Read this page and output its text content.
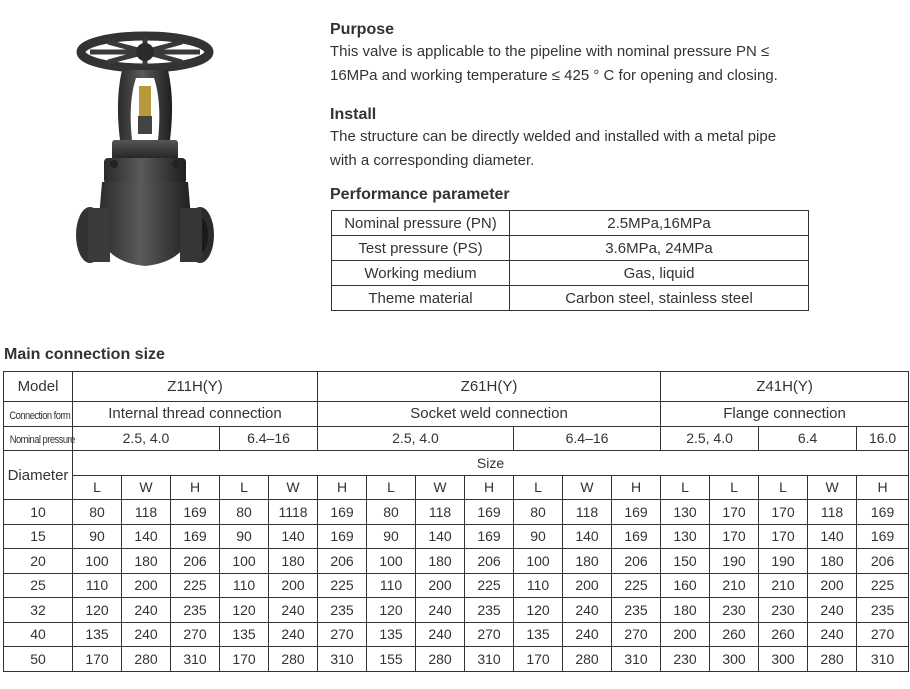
Purpose

This valve is applicable to the pipeline with nominal pressure PN ≤

16MPa and working temperature ≤ 425 ° C for opening and closing.

Install

The structure can be directly welded and installed with a metal pipe

with a corresponding diameter.

Performance parameter

Nominal pressure (PN)	2.5MPa,16MPa
Test pressure (PS)	3.6MPa, 24MPa
Working medium	Gas, liquid
Theme material	Carbon steel, stainless steel

Main connection size

Model	Z11H(Y)					Z61H(Y)							Z41H(Y)				
Connection form	Internal thread connection					Socket weld connection							Flange connection				
Nominal pressure	2.5, 4.0			6.4–16		2.5, 4.0				6.4–16			2.5, 4.0		6.4		16.0
Diameter	Size																
	L	W	H	L	W	H	L	W	H	L	W	H	L	L	L	W	H
10	80	118	169	80	1118	169	80	118	169	80	118	169	130	170	170	118	169
15	90	140	169	90	140	169	90	140	169	90	140	169	130	170	170	140	169
20	100	180	206	100	180	206	100	180	206	100	180	206	150	190	190	180	206
25	110	200	225	110	200	225	110	200	225	110	200	225	160	210	210	200	225
32	120	240	235	120	240	235	120	240	235	120	240	235	180	230	230	240	235
40	135	240	270	135	240	270	135	240	270	135	240	270	200	260	260	240	270
50	170	280	310	170	280	310	155	280	310	170	280	310	230	300	300	280	310
